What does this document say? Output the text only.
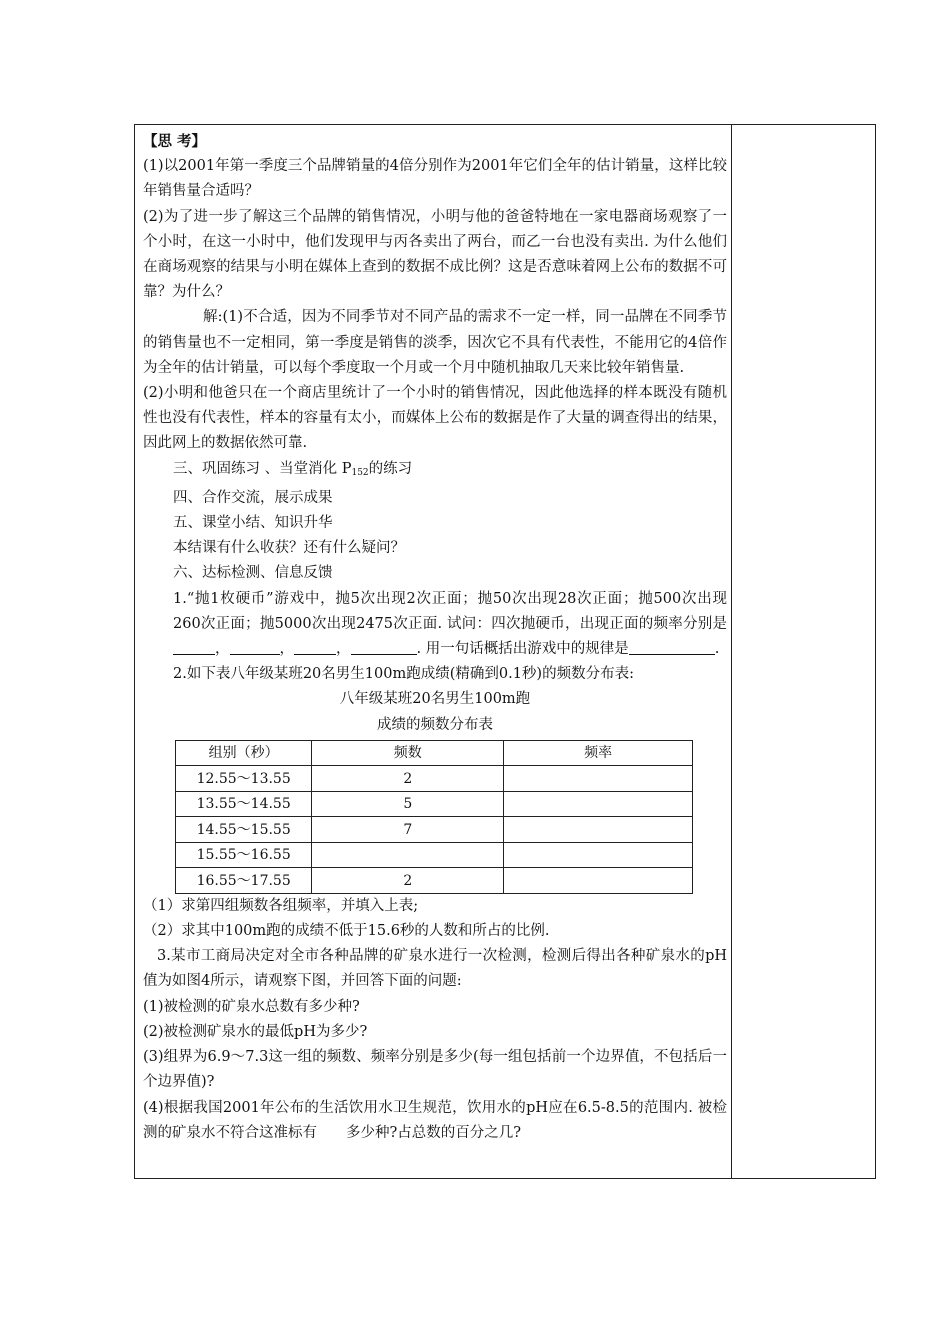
【思 考】

(1)以2001年第一季度三个品牌销量的4倍分别作为2001年它们全年的估计销量，这样比较年销售量合适吗？

(2)为了进一步了解这三个品牌的销售情况，小明与他的爸爸特地在一家电器商场观察了一个小时，在这一小时中，他们发现甲与丙各卖出了两台，而乙一台也没有卖出. 为什么他们在商场观察的结果与小明在媒体上查到的数据不成比例？这是否意味着网上公布的数据不可靠？为什么？

解:(1)不合适，因为不同季节对不同产品的需求不一定一样，同一品牌在不同季节的销售量也不一定相同，第一季度是销售的淡季，因次它不具有代表性，不能用它的4倍作为全年的估计销量，可以每个季度取一个月或一个月中随机抽取几天来比较年销售量.

(2)小明和他爸只在一个商店里统计了一个小时的销售情况，因此他选择的样本既没有随机性也没有代表性，样本的容量有太小，而媒体上公布的数据是作了大量的调查得出的结果，因此网上的数据依然可靠.

三、巩固练习 、当堂消化 $P_{152}$的练习

四、合作交流，展示成果

五、课堂小结、知识升华

本结课有什么收获？还有什么疑问？

六、达标检测、信息反馈

1.“抛1枚硬币”游戏中，抛5次出现2次正面；抛50次出现28次正面；抛500次出现260次正面；抛5000次出现2475次正面. 试问：四次抛硬币，出现正面的频率分别是，	，	，	. 用一句话概括出游戏中的规律是	.

2.如下表八年级某班20名男生100m跑成绩(精确到0.1秒)的频数分布表:

八年级某班20名男生100m跑

成绩的频数分布表

组别（秒）	频数	频率
12.55～13.55	2	
13.55～14.55	5	
14.55～15.55	7	
15.55～16.55		
16.55～17.55	2	

（1）求第四组频数各组频率，并填入上表;

（2）求其中100m跑的成绩不低于15.6秒的人数和所占的比例.

3.某市工商局决定对全市各种品牌的矿泉水进行一次检测，检测后得出各种矿泉水的pH值为如图4所示，请观察下图，并回答下面的问题:

(1)被检测的矿泉水总数有多少种?

(2)被检测矿泉水的最低pH为多少?

(3)组界为6.9～7.3这一组的频数、频率分别是多少(每一组包括前一个边界值，不包括后一个边界值)?

(4)根据我国2001年公布的生活饮用水卫生规范，饮用水的pH应在6.5-8.5的范围内. 被检测的矿泉水不符合这准标有　　多少种?占总数的百分之几?
